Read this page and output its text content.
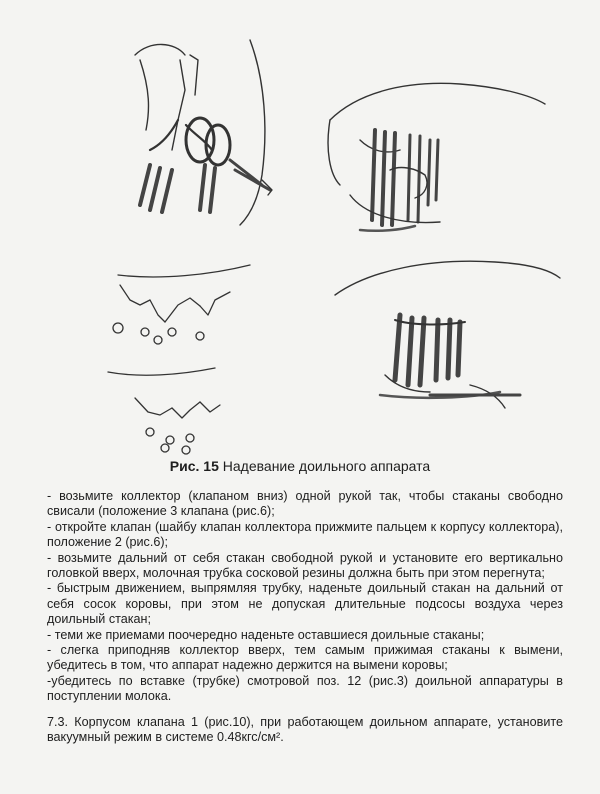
Рис. 15 Надевание доильного аппарата

- возьмите коллектор (клапаном вниз) одной рукой так, чтобы стаканы свободно свисали (положение 3 клапана (рис.6);

- откройте клапан (шайбу клапан коллектора прижмите пальцем к корпусу коллектора), положение 2 (рис.6);

- возьмите дальний от себя стакан свободной рукой и установите его вертикально головкой вверх, молочная трубка сосковой резины должна быть при этом перегнута;

- быстрым движением, выпрямляя трубку, наденьте доильный стакан на дальний от себя сосок коровы, при этом не допуская длительные подсосы воздуха через доильный стакан;

- теми же приемами поочередно наденьте оставшиеся доильные стаканы;

- слегка приподняв коллектор вверх, тем самым прижимая стаканы к вымени, убедитесь в том, что аппарат надежно держится на вымени коровы;

-убедитесь по вставке (трубке) смотровой поз. 12 (рис.3) доильной аппаратуры в поступлении молока.

7.3. Корпусом клапана 1 (рис.10), при работающем доильном аппарате, установите вакуумный режим в системе 0.48кгс/см².
